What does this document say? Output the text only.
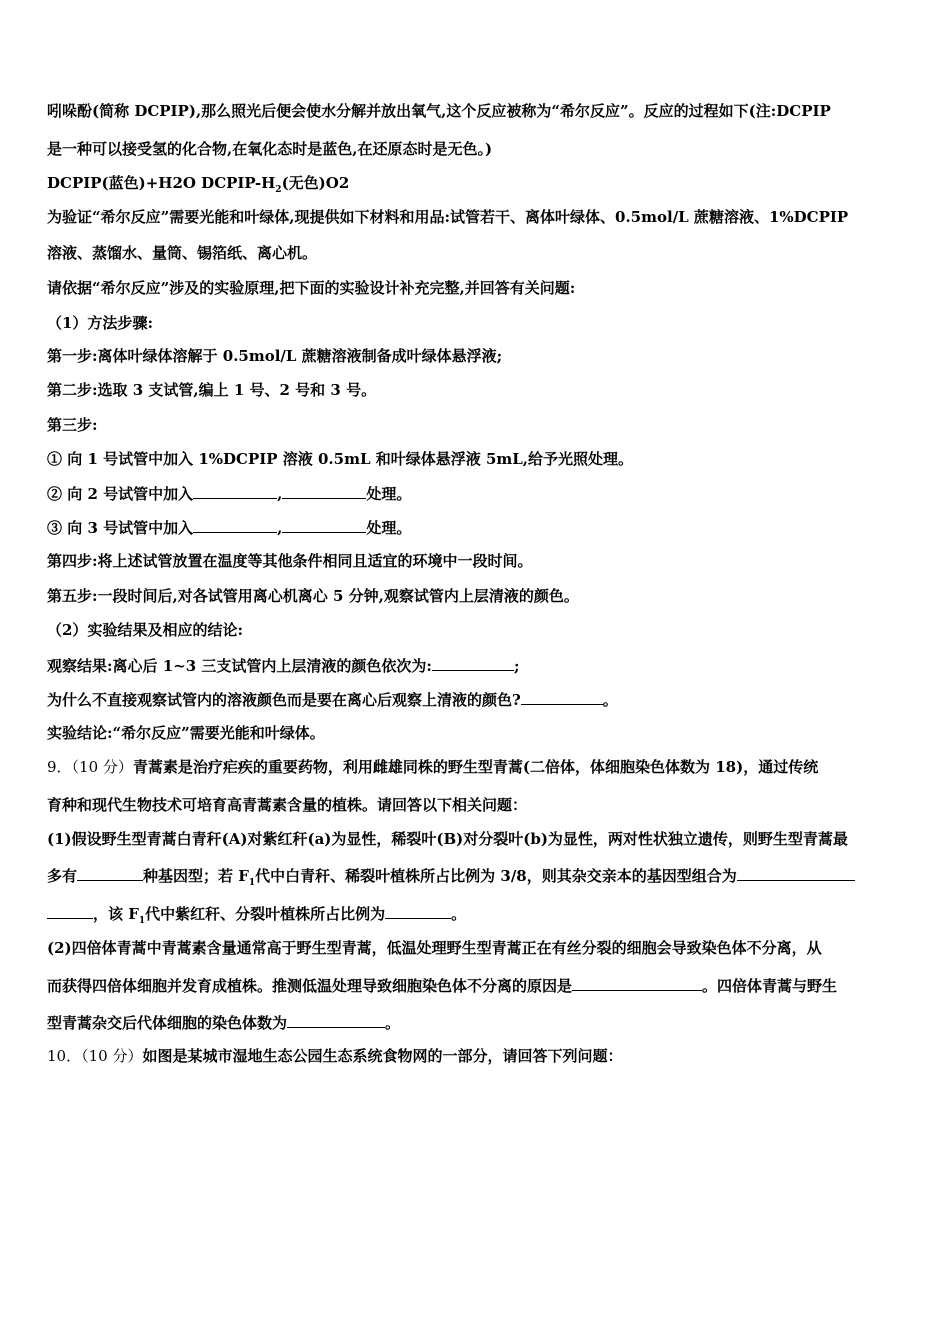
吲哚酚(简称 DCPIP),那么照光后便会使水分解并放出氧气,这个反应被称为“希尔反应”。反应的过程如下(注:DCPIP
是一种可以接受氢的化合物,在氧化态时是蓝色,在还原态时是无色。)
DCPIP(蓝色)+H2O DCPIP-$H_2$(无色)O2
为验证“希尔反应”需要光能和叶绿体,现提供如下材料和用品:试管若干、离体叶绿体、0.5mol/L 蔗糖溶液、1%DCPIP
溶液、蒸馏水、量筒、锡箔纸、离心机。
请依据“希尔反应”涉及的实验原理,把下面的实验设计补充完整,并回答有关问题:
（1）方法步骤:
第一步:离体叶绿体溶解于 0.5mol/L 蔗糖溶液制备成叶绿体悬浮液;
第二步:选取 3 支试管,编上 1 号、2 号和 3 号。
第三步:
① 向 1 号试管中加入 1%DCPIP 溶液 0.5mL 和叶绿体悬浮液 5mL,给予光照处理。
② 向 2 号试管中加入	,	处理。
③ 向 3 号试管中加入	,	处理。
第四步:将上述试管放置在温度等其他条件相同且适宜的环境中一段时间。
第五步:一段时间后,对各试管用离心机离心 5 分钟,观察试管内上层清液的颜色。
（2）实验结果及相应的结论:
观察结果:离心后 1~3 三支试管内上层清液的颜色依次为:	;
为什么不直接观察试管内的溶液颜色而是要在离心后观察上清液的颜色?	。
实验结论:“希尔反应”需要光能和叶绿体。
9．（10 分）青蒿素是治疗疟疾的重要药物，利用雌雄同株的野生型青蒿(二倍体，体细胞染色体数为 18)，通过传统
育种和现代生物技术可培育高青蒿素含量的植株。请回答以下相关问题：
(1)假设野生型青蒿白青秆(A)对紫红秆(a)为显性，稀裂叶(B)对分裂叶(b)为显性，两对性状独立遗传，则野生型青蒿最
多有	种基因型；若 $F_1$代中白青秆、稀裂叶植株所占比例为 3/8，则其杂交亲本的基因型组合为
，该 $F_1$代中紫红秆、分裂叶植株所占比例为	。
(2)四倍体青蒿中青蒿素含量通常高于野生型青蒿，低温处理野生型青蒿正在有丝分裂的细胞会导致染色体不分离，从
而获得四倍体细胞并发育成植株。推测低温处理导致细胞染色体不分离的原因是	。四倍体青蒿与野生
型青蒿杂交后代体细胞的染色体数为	。
10．（10 分）如图是某城市湿地生态公园生态系统食物网的一部分，请回答下列问题：
